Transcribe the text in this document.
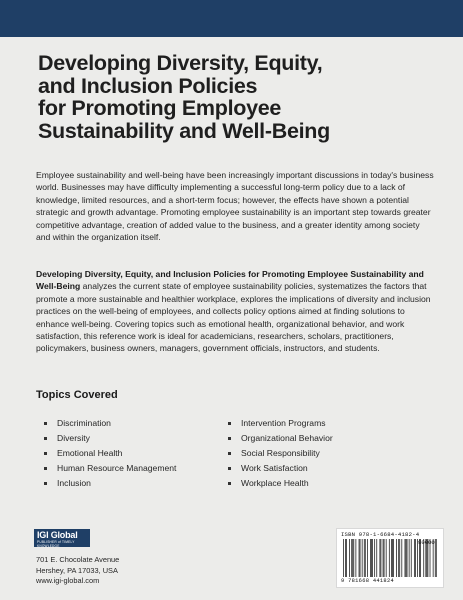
Developing Diversity, Equity,
and Inclusion Policies
for Promoting Employee
Sustainability and Well-Being

Employee sustainability and well-being have been increasingly important discussions in today's business world. Businesses may have difficulty implementing a successful long-term policy due to a lack of knowledge, limited resources, and a short-term focus; however, the effects have shown a potential strategic and growth advantage. Promoting employee sustainability is an important step towards greater competitive advantage, creation of added value to the business, and a greater identity among society and within the organization itself.

Developing Diversity, Equity, and Inclusion Policies for Promoting Employee Sustainability and Well-Being analyzes the current state of employee sustainability policies, systematizes the factors that promote a more sustainable and healthier workplace, explores the implications of diversity and inclusion practices on the well-being of employees, and collects policy options aimed at finding solutions to enhance well-being. Covering topics such as emotional health, organizational behavior, and work satisfaction, this reference work is ideal for academicians, researchers, scholars, practitioners, policymakers, business owners, managers, government officials, instructors, and students.

Topics Covered
Discrimination
Diversity
Emotional Health
Human Resource Management
Inclusion
Intervention Programs
Organizational Behavior
Social Responsibility
Work Satisfaction
Workplace Health
IGI Global
PUBLISHER of TIMELY KNOWLEDGE
701 E. Chocolate Avenue
Hershey, PA 17033, USA
www.igi-global.com
ISBN 978-1-6684-4182-4
90000
9 781668 441824
